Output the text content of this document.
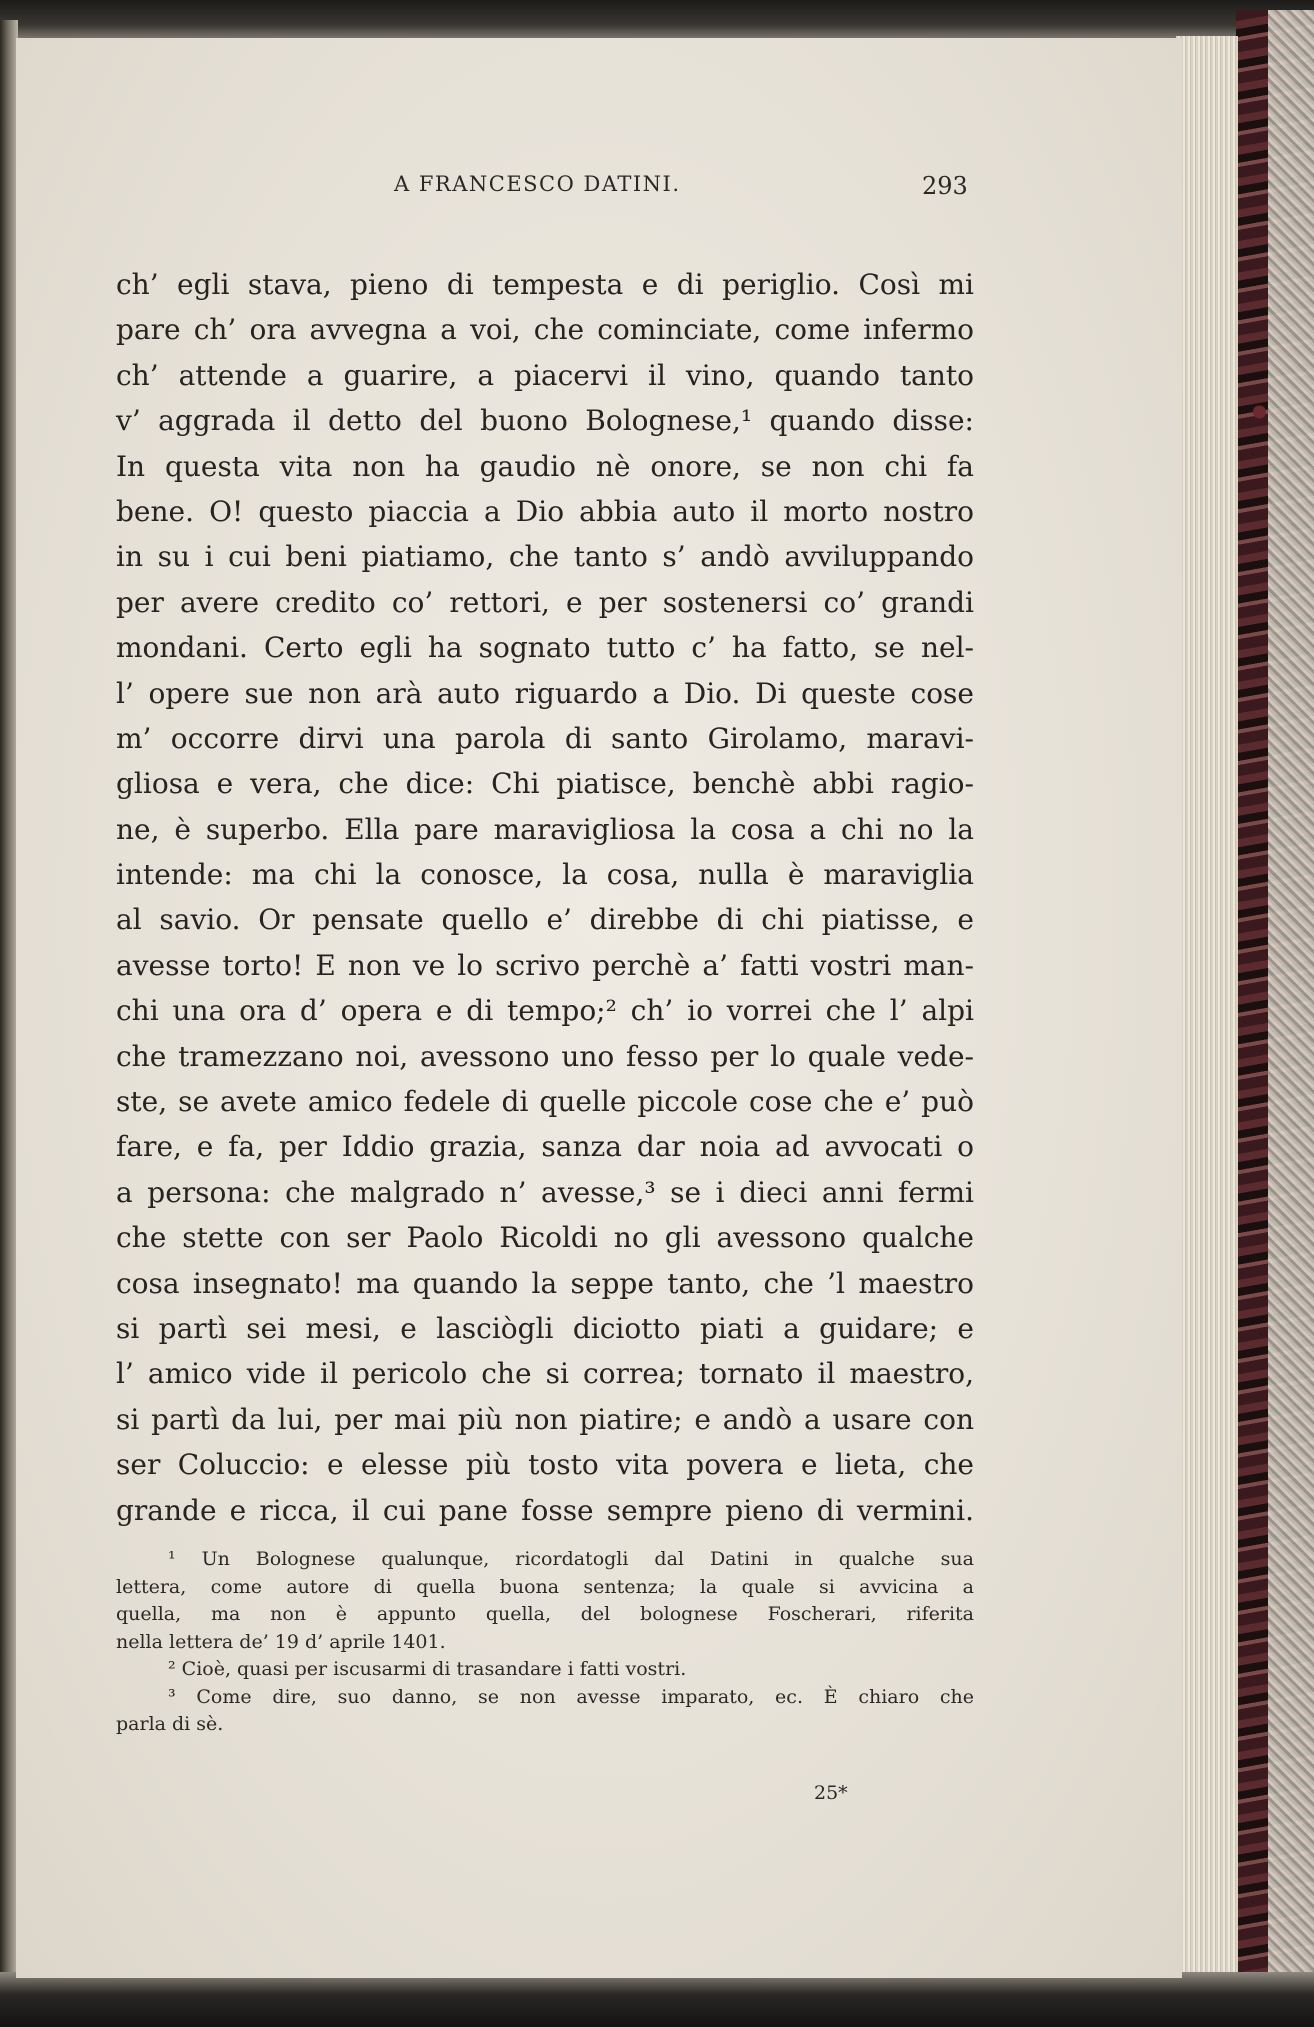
A FRANCESCO DATINI.	293
ch’ egli stava, pieno di tempesta e di periglio. Così mi
pare ch’ ora avvegna a voi, che cominciate, come infermo
ch’ attende a guarire, a piacervi il vino, quando tanto
v’ aggrada il detto del buono Bolognese,¹ quando disse:
In questa vita non ha gaudio nè onore, se non chi fa
bene. O! questo piaccia a Dio abbia auto il morto nostro
in su i cui beni piatiamo, che tanto s’ andò avviluppando
per avere credito co’ rettori, e per sostenersi co’ grandi
mondani. Certo egli ha sognato tutto c’ ha fatto, se nel-
l’ opere sue non arà auto riguardo a Dio. Di queste cose
m’ occorre dirvi una parola di santo Girolamo, maravi-
gliosa e vera, che dice: Chi piatisce, benchè abbi ragio-
ne, è superbo. Ella pare maravigliosa la cosa a chi no la
intende: ma chi la conosce, la cosa, nulla è maraviglia
al savio. Or pensate quello e’ direbbe di chi piatisse, e
avesse torto! E non ve lo scrivo perchè a’ fatti vostri man-
chi una ora d’ opera e di tempo;² ch’ io vorrei che l’ alpi
che tramezzano noi, avessono uno fesso per lo quale vede-
ste, se avete amico fedele di quelle piccole cose che e’ può
fare, e fa, per Iddio grazia, sanza dar noia ad avvocati o
a persona: che malgrado n’ avesse,³ se i dieci anni fermi
che stette con ser Paolo Ricoldi no gli avessono qualche
cosa insegnato! ma quando la seppe tanto, che ’l maestro
si partì sei mesi, e lasciògli diciotto piati a guidare; e
l’ amico vide il pericolo che si correa; tornato il maestro,
si partì da lui, per mai più non piatire; e andò a usare con
ser Coluccio: e elesse più tosto vita povera e lieta, che
grande e ricca, il cui pane fosse sempre pieno di vermini.
¹ Un Bolognese qualunque, ricordatogli dal Datini in qualche sua
lettera, come autore di quella buona sentenza; la quale si avvicina a
quella, ma non è appunto quella, del bolognese Foscherari, riferita
nella lettera de’ 19 d’ aprile 1401.
² Cioè, quasi per iscusarmi di trasandare i fatti vostri.
³ Come dire, suo danno, se non avesse imparato, ec. È chiaro che
parla di sè.
25*
